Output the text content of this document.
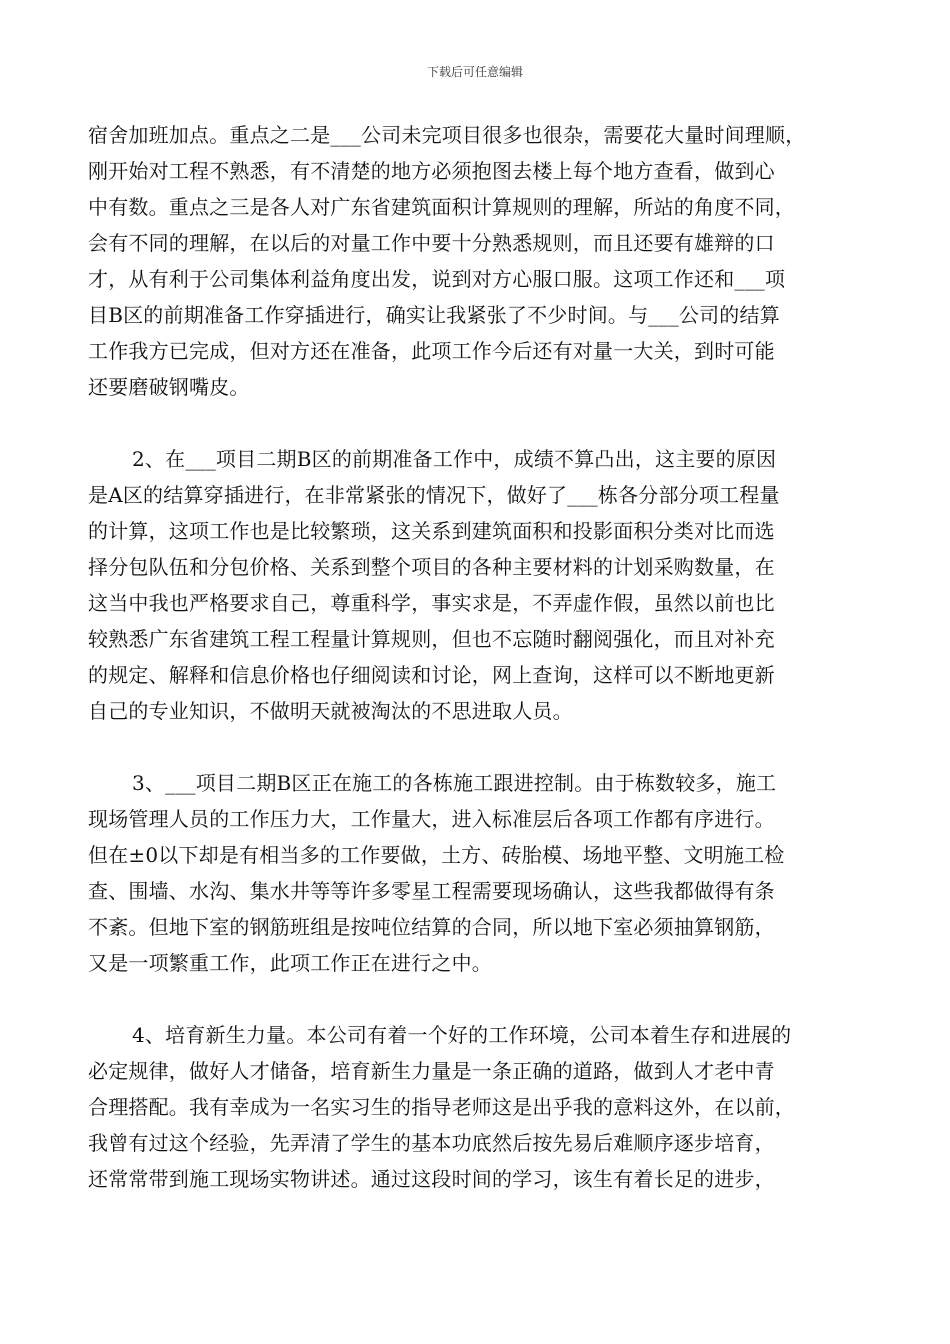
下载后可任意编辑
宿舍加班加点。重点之二是___公司未完项目很多也很杂，需要花大量时间理顺，
刚开始对工程不熟悉，有不清楚的地方必须抱图去楼上每个地方查看，做到心
中有数。重点之三是各人对广东省建筑面积计算规则的理解，所站的角度不同，
会有不同的理解，在以后的对量工作中要十分熟悉规则，而且还要有雄辩的口
才，从有利于公司集体利益角度出发，说到对方心服口服。这项工作还和___项
目B区的前期准备工作穿插进行，确实让我紧张了不少时间。与___公司的结算
工作我方已完成，但对方还在准备，此项工作今后还有对量一大关，到时可能
还要磨破钢嘴皮。
2、在___项目二期B区的前期准备工作中，成绩不算凸出，这主要的原因
是A区的结算穿插进行，在非常紧张的情况下，做好了___栋各分部分项工程量
的计算，这项工作也是比较繁琐，这关系到建筑面积和投影面积分类对比而选
择分包队伍和分包价格、关系到整个项目的各种主要材料的计划采购数量，在
这当中我也严格要求自己，尊重科学，事实求是，不弄虚作假，虽然以前也比
较熟悉广东省建筑工程工程量计算规则，但也不忘随时翻阅强化，而且对补充
的规定、解释和信息价格也仔细阅读和讨论，网上查询，这样可以不断地更新
自己的专业知识，不做明天就被淘汰的不思进取人员。
3、___项目二期B区正在施工的各栋施工跟进控制。由于栋数较多，施工
现场管理人员的工作压力大，工作量大，进入标准层后各项工作都有序进行。
但在±0以下却是有相当多的工作要做，土方、砖胎模、场地平整、文明施工检
查、围墙、水沟、集水井等等许多零星工程需要现场确认，这些我都做得有条
不紊。但地下室的钢筋班组是按吨位结算的合同，所以地下室必须抽算钢筋，
又是一项繁重工作，此项工作正在进行之中。
4、培育新生力量。本公司有着一个好的工作环境，公司本着生存和进展的
必定规律，做好人才储备，培育新生力量是一条正确的道路，做到人才老中青
合理搭配。我有幸成为一名实习生的指导老师这是出乎我的意料这外，在以前，
我曾有过这个经验，先弄清了学生的基本功底然后按先易后难顺序逐步培育，
还常常带到施工现场实物讲述。通过这段时间的学习，该生有着长足的进步，
